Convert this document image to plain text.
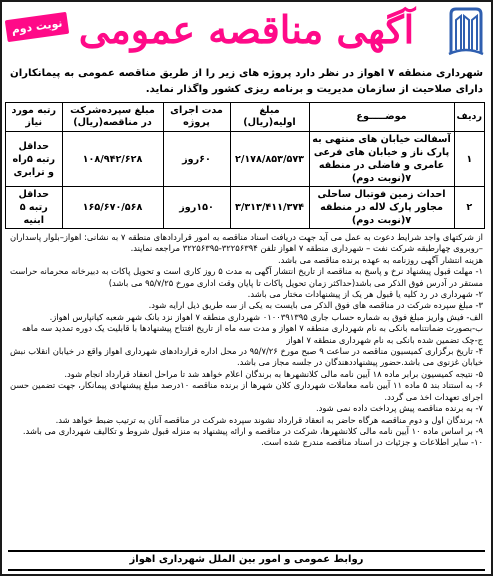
آگهی مناقصه عمومی
نوبت دوم
شهرداری منطقه ۷ اهواز در نظر دارد پروژه های زیر را از طریق مناقصه عمومی به پیمانکاران دارای صلاحیت از سازمان مدیریت و برنامه ریزی کشور واگذار نماید.
ردیف	موضـــــوع	مبلغ اولیه(ریال)	مدت اجرای پروژه	مبلغ سپرده‌شرکت در مناقصه(ریال)	رتبه مورد نیاز
۱	آسفالت خیابان های منتهی به پارک ناز و خیابان های فرعی عامری و فاضلی در منطقه ۷(نوبت دوم)	۲/۱۷۸/۸۵۳/۵۷۳	۶۰روز	۱۰۸/۹۴۲/۶۲۸	حداقل رتبه ۵راه و ترابری
۲	احداث زمین فوتبال ساحلی مجاور پارک لاله در منطقه ۷(نوبت دوم)	۳/۳۱۳/۴۱۱/۳۷۴	۱۵۰روز	۱۶۵/۶۷۰/۵۶۸	حداقل رتبه ۵ ابنیه

از شرکتهای واجد شرایط دعوت به عمل می آید جهت دریافت اسناد مناقصه به امور قراردادهای منطقه ۷ به نشانی: اهواز–بلوار پاسداران –روبروی چهارطبقه شرکت نفت – شهرداری منطقه ۷ اهواز تلفن ۳۲۲۵۶۳۹۴-۳۲۲۵۶۳۹۵ مراجعه نمایند.

هزینه انتشار آگهی روزنامه به عهده برنده مناقصه می باشد.

۱- مهلت قبول پیشنهاد نرخ و پاسخ به مناقصه از تاریخ انتشار آگهی به مدت ۵ روز کاری است و تحویل پاکات به دبیرخانه محرمانه حراست مستقر در آدرس فوق الذکر می باشد(حداکثر زمان تحویل پاکات تا پایان وقت اداری مورخ ۹۵/۷/۲۵ می باشد)

۲- شهرداری در رد کلیه یا قبول هر یک از پیشنهادات مختار می باشد.

۳- مبلغ سپرده شرکت در مناقصه های فوق الذکر می بایست به یکی از سه طریق ذیل ارایه شود.

الف- فیش واریز مبلغ فوق به شماره حساب جاری ۰۱۰۰۳۹۱۳۹۵ شهرداری منطقه ۷ اهواز نزد بانک شهر شعبه کیانپارس اهواز.

ب-بصورت ضمانتنامه بانکی به نام شهرداری منطقه ۷ اهواز و مدت سه ماه از تاریخ افتتاح پیشنهادها با قابلیت یک دوره تمدید سه ماهه

ج-چک تضمین شده بانکی به نام شهرداری منطقه ۷ اهواز

۴- تاریخ برگزاری کمیسیون مناقصه در ساعت ۹ صبح مورخ ۹۵/۷/۲۶ در محل اداره قراردادهای شهرداری اهواز واقع در خیابان انقلاب نبش خیابان غزنوی می باشد.حضور پیشنهاددهندگان در جلسه مجاز می باشد.

۵- نتیجه کمیسیون برابر ماده ۱۸ آیین نامه مالی کلانشهرها به برندگان اعلام خواهد شد تا مراحل انعقاد قرارداد انجام شود.

۶- به استناد بند ۵ ماده ۱۱ آیین نامه معاملات شهرداری کلان شهرها از برنده مناقصه ۱۰درصد مبلغ پیشنهادی پیمانکار، جهت تضمین حسن اجرای تعهدات اخذ می گردد.

۷- به برنده مناقصه پیش پرداخت داده نمی شود.

۸- برندگان اول و دوم مناقصه هرگاه حاضر به انعقاد قرارداد نشوند سپرده شرکت در مناقصه آنان به ترتیب ضبط خواهد شد.

۹- بر اساس ماده ۱۰ آیین نامه مالی کلانشهرها، شرکت در مناقصه و ارائه پیشنهاد به منزله قبول شروط و تکالیف شهرداری می باشد.

۱۰- سایر اطلاعات و جزئیات در اسناد مناقصه مندرج شده است.

روابط عمومی و امور بین الملل شهرداری اهواز
